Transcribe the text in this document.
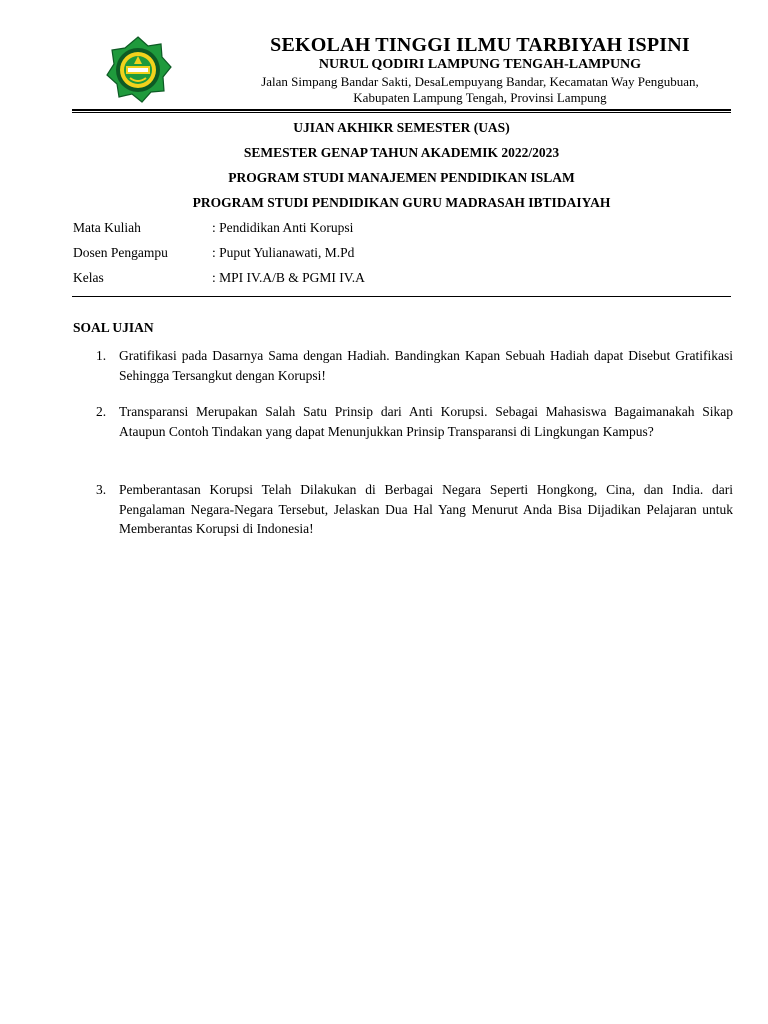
SEKOLAH TINGGI ILMU TARBIYAH ISPINI
NURUL QODIRI LAMPUNG TENGAH-LAMPUNG
Jalan Simpang Bandar Sakti, DesaLempuyang Bandar, Kecamatan Way Pengubuan,
Kabupaten Lampung Tengah, Provinsi Lampung
UJIAN AKHIKR SEMESTER (UAS)
SEMESTER GENAP TAHUN AKADEMIK 2022/2023
PROGRAM STUDI MANAJEMEN PENDIDIKAN ISLAM
PROGRAM STUDI PENDIDIKAN GURU MADRASAH IBTIDAIYAH
Mata Kuliah	: Pendidikan Anti Korupsi
Dosen Pengampu	: Puput Yulianawati, M.Pd
Kelas	: MPI IV.A/B & PGMI IV.A
SOAL UJIAN
1. Gratifikasi pada Dasarnya Sama dengan Hadiah. Bandingkan Kapan Sebuah Hadiah dapat Disebut Gratifikasi Sehingga Tersangkut dengan Korupsi!
2. Transparansi Merupakan Salah Satu Prinsip dari Anti Korupsi. Sebagai Mahasiswa Bagaimanakah Sikap Ataupun Contoh Tindakan yang dapat Menunjukkan Prinsip Transparansi di Lingkungan Kampus?
3. Pemberantasan Korupsi Telah Dilakukan di Berbagai Negara Seperti Hongkong, Cina, dan India. dari Pengalaman Negara-Negara Tersebut, Jelaskan Dua Hal Yang Menurut Anda Bisa Dijadikan Pelajaran untuk Memberantas Korupsi di Indonesia!
